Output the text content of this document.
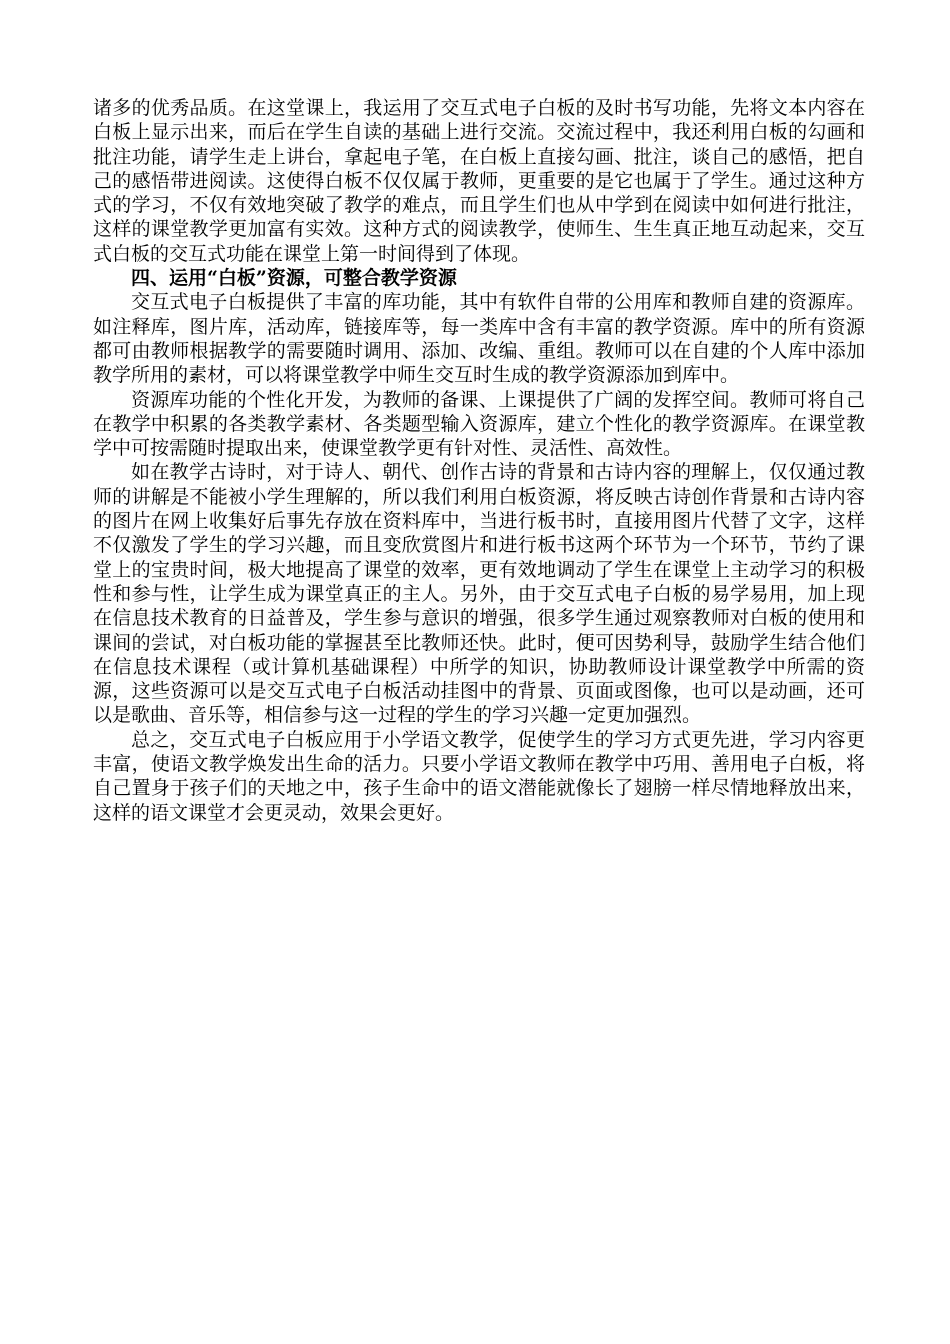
诸多的优秀品质。在这堂课上，我运用了交互式电子白板的及时书写功能，先将文本内容在白板上显示出来，而后在学生自读的基础上进行交流。交流过程中，我还利用白板的勾画和批注功能，请学生走上讲台，拿起电子笔，在白板上直接勾画、批注，谈自己的感悟，把自己的感悟带进阅读。这使得白板不仅仅属于教师，更重要的是它也属于了学生。通过这种方式的学习，不仅有效地突破了教学的难点，而且学生们也从中学到在阅读中如何进行批注，这样的课堂教学更加富有实效。这种方式的阅读教学，使师生、生生真正地互动起来，交互式白板的交互式功能在课堂上第一时间得到了体现。

四、运用“白板”资源，可整合教学资源

交互式电子白板提供了丰富的库功能，其中有软件自带的公用库和教师自建的资源库。如注释库，图片库，活动库，链接库等，每一类库中含有丰富的教学资源。库中的所有资源都可由教师根据教学的需要随时调用、添加、改编、重组。教师可以在自建的个人库中添加教学所用的素材，可以将课堂教学中师生交互时生成的教学资源添加到库中。

资源库功能的个性化开发，为教师的备课、上课提供了广阔的发挥空间。教师可将自己在教学中积累的各类教学素材、各类题型输入资源库，建立个性化的教学资源库。在课堂教学中可按需随时提取出来，使课堂教学更有针对性、灵活性、高效性。

如在教学古诗时，对于诗人、朝代、创作古诗的背景和古诗内容的理解上，仅仅通过教师的讲解是不能被小学生理解的，所以我们利用白板资源，将反映古诗创作背景和古诗内容的图片在网上收集好后事先存放在资料库中，当进行板书时，直接用图片代替了文字，这样不仅激发了学生的学习兴趣，而且变欣赏图片和进行板书这两个环节为一个环节，节约了课堂上的宝贵时间，极大地提高了课堂的效率，更有效地调动了学生在课堂上主动学习的积极性和参与性，让学生成为课堂真正的主人。另外，由于交互式电子白板的易学易用，加上现在信息技术教育的日益普及，学生参与意识的增强，很多学生通过观察教师对白板的使用和课间的尝试，对白板功能的掌握甚至比教师还快。此时，便可因势利导，鼓励学生结合他们在信息技术课程（或计算机基础课程）中所学的知识，协助教师设计课堂教学中所需的资源，这些资源可以是交互式电子白板活动挂图中的背景、页面或图像，也可以是动画，还可以是歌曲、音乐等，相信参与这一过程的学生的学习兴趣一定更加强烈。

总之，交互式电子白板应用于小学语文教学，促使学生的学习方式更先进，学习内容更丰富，使语文教学焕发出生命的活力。只要小学语文教师在教学中巧用、善用电子白板，将自己置身于孩子们的天地之中，孩子生命中的语文潜能就像长了翅膀一样尽情地释放出来，这样的语文课堂才会更灵动，效果会更好。
